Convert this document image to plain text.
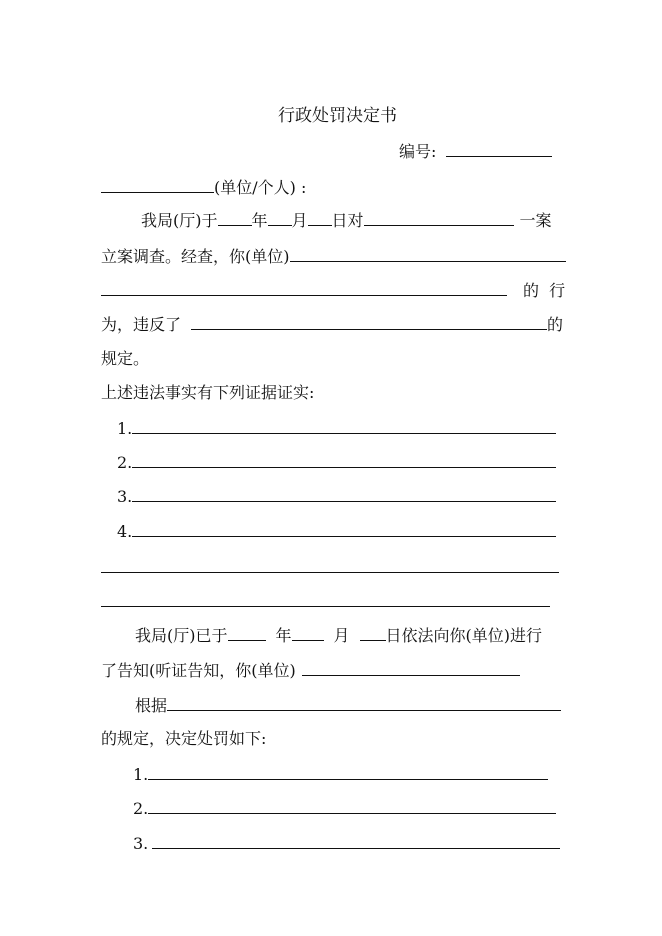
行政处罚决定书
编号:
(单位/个人) :
我局(厅)于 年 月 日对	一案
立案调查。经查，你(单位)
的  行
为，违反了	的
规定。
上述违法事实有下列证据证实:
1.
2.
3.
4.
我局(厅)已于	年	月 日依法向你(单位)进行
了告知(听证告知，你(单位)
根据
的规定，决定处罚如下:
1.
2.
3.
